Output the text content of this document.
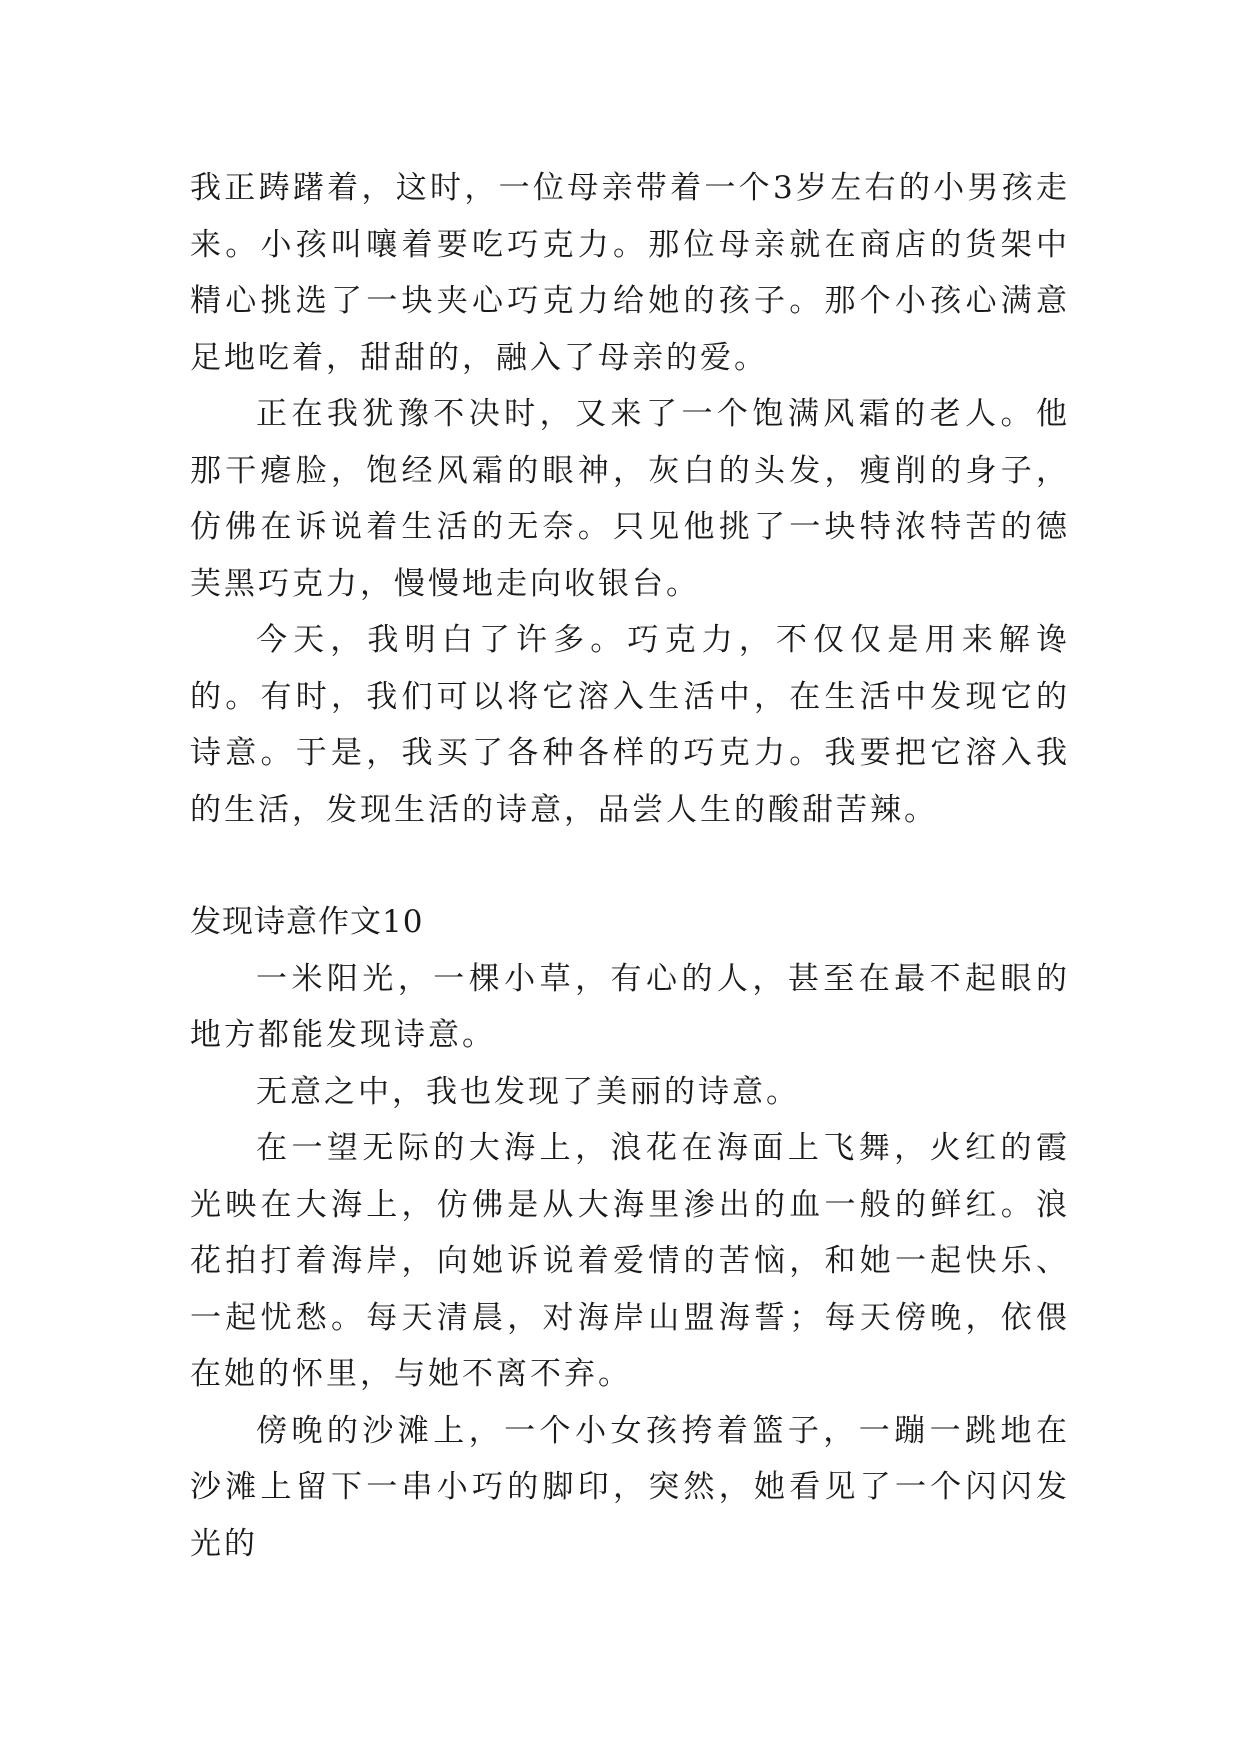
我正踌躇着，这时，一位母亲带着一个3岁左右的小男孩走来。小孩叫嚷着要吃巧克力。那位母亲就在商店的货架中精心挑选了一块夹心巧克力给她的孩子。那个小孩心满意足地吃着，甜甜的，融入了母亲的爱。

正在我犹豫不决时，又来了一个饱满风霜的老人。他那干瘪脸，饱经风霜的眼神，灰白的头发，瘦削的身子，仿佛在诉说着生活的无奈。只见他挑了一块特浓特苦的德芙黑巧克力，慢慢地走向收银台。

今天，我明白了许多。巧克力，不仅仅是用来解谗的。有时，我们可以将它溶入生活中，在生活中发现它的诗意。于是，我买了各种各样的巧克力。我要把它溶入我的生活，发现生活的诗意，品尝人生的酸甜苦辣。

发现诗意作文10

一米阳光，一棵小草，有心的人，甚至在最不起眼的地方都能发现诗意。

无意之中，我也发现了美丽的诗意。

在一望无际的大海上，浪花在海面上飞舞，火红的霞光映在大海上，仿佛是从大海里渗出的血一般的鲜红。浪花拍打着海岸，向她诉说着爱情的苦恼，和她一起快乐、一起忧愁。每天清晨，对海岸山盟海誓；每天傍晚，依偎在她的怀里，与她不离不弃。

傍晚的沙滩上，一个小女孩挎着篮子，一蹦一跳地在沙滩上留下一串小巧的脚印，突然，她看见了一个闪闪发光的
